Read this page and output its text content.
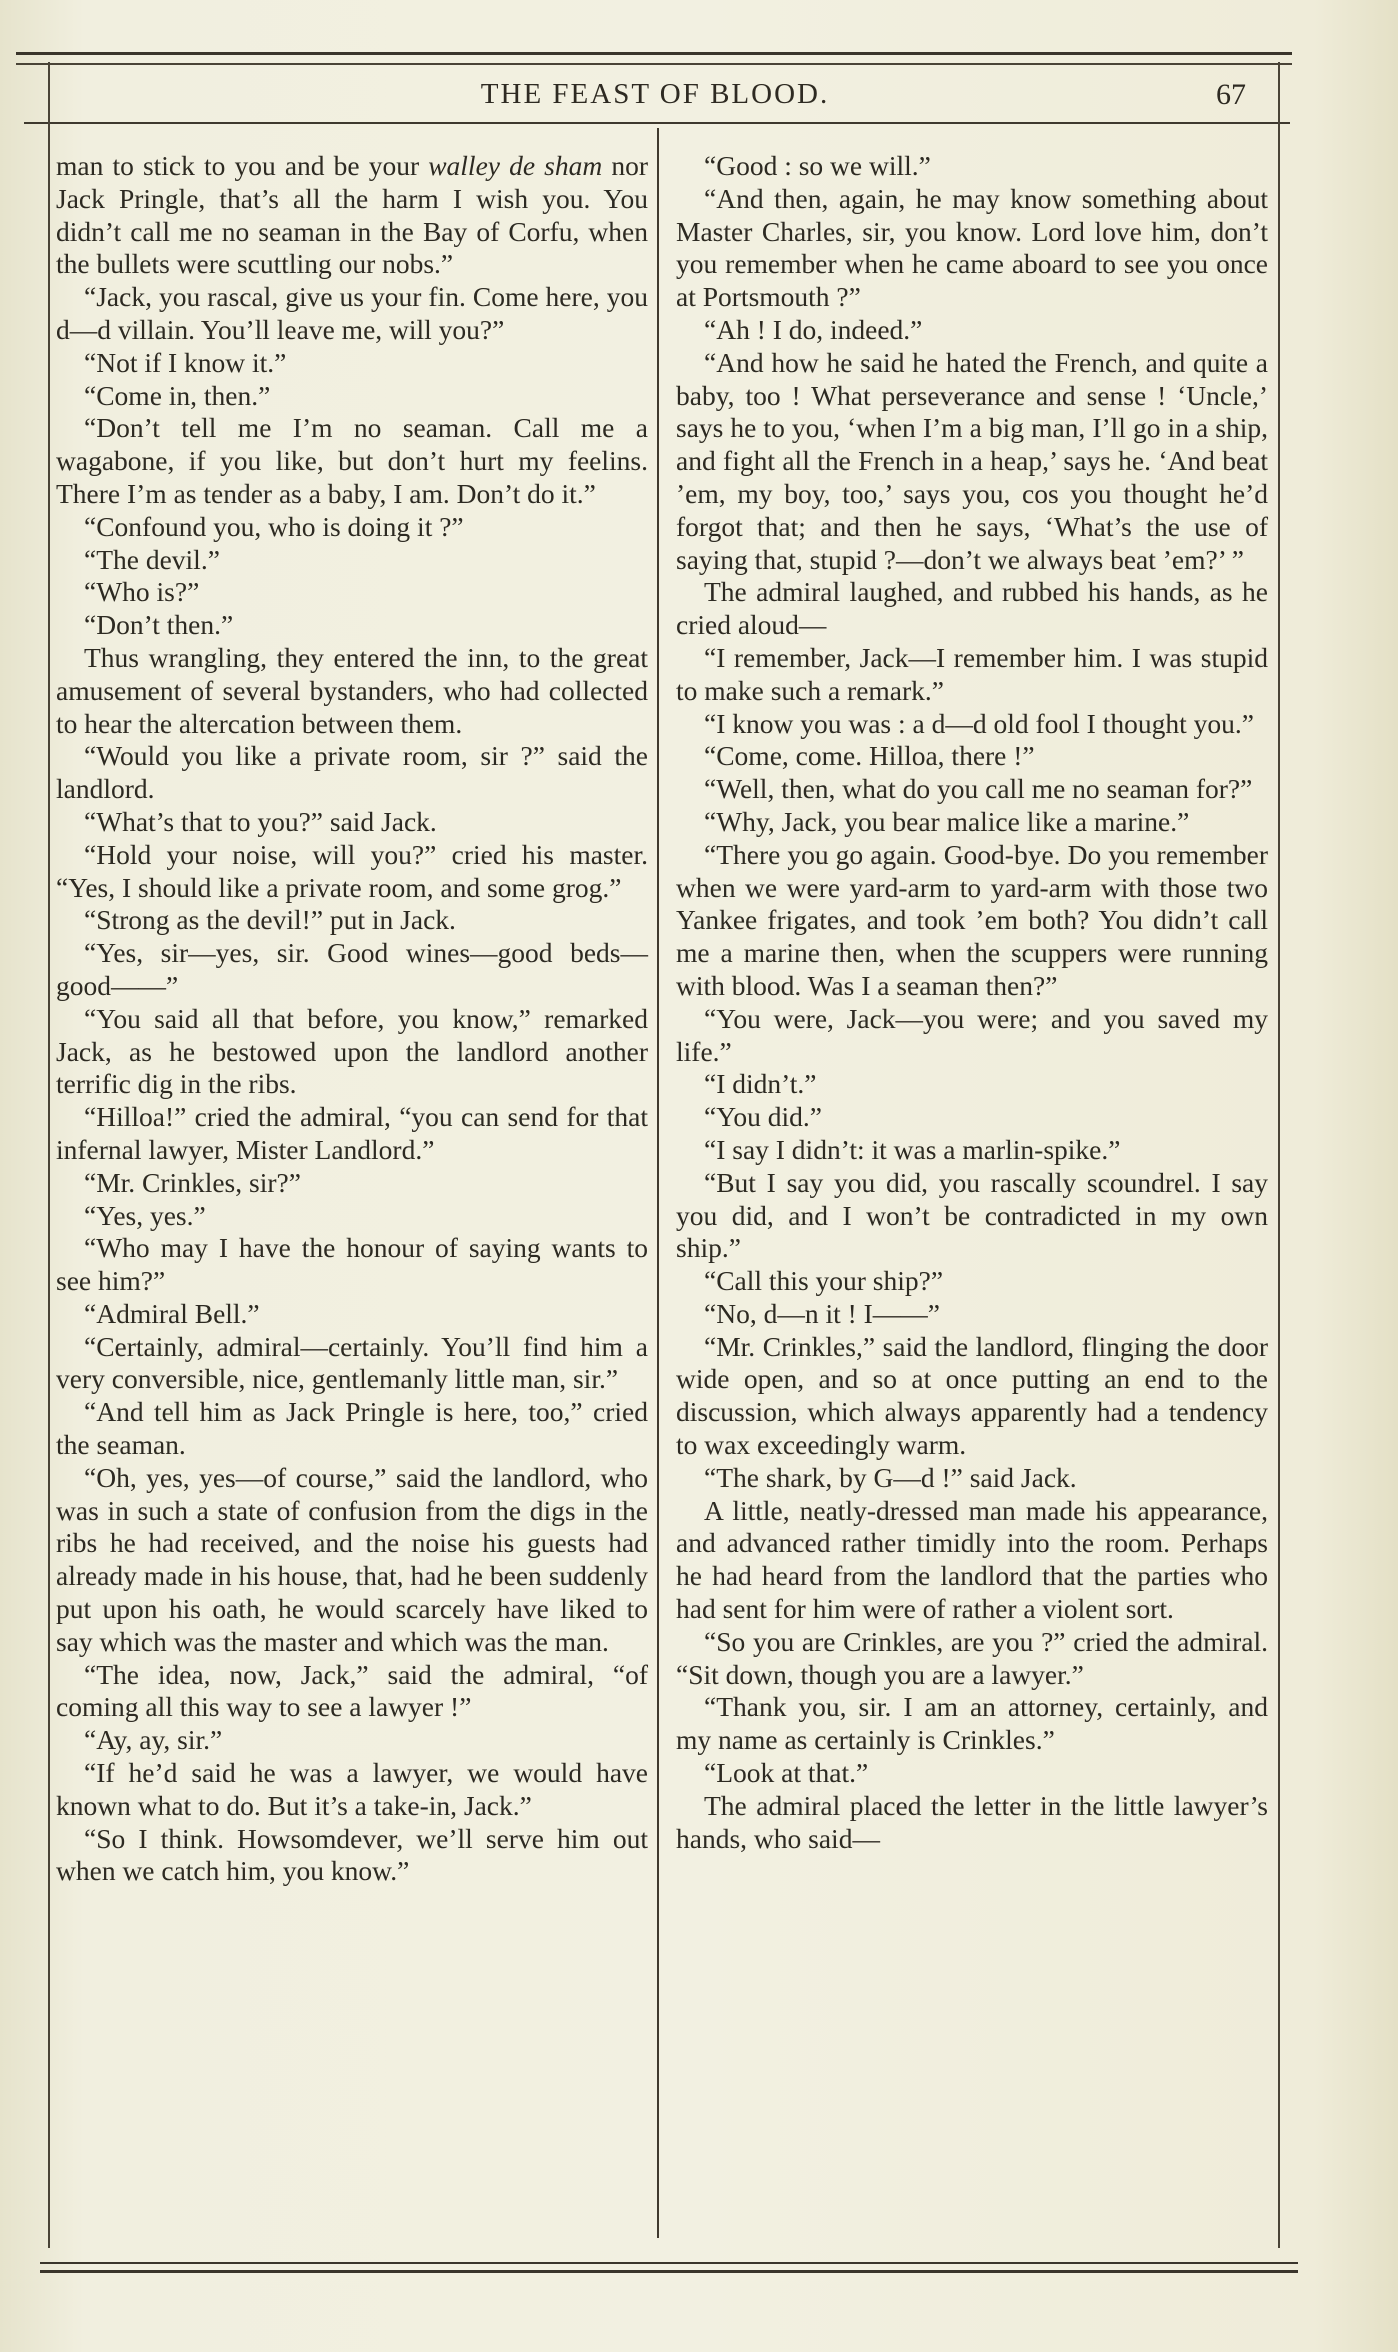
THE FEAST OF BLOOD.	67

man to stick to you and be your walley de sham nor Jack Pringle, that’s all the harm I wish you. You didn’t call me no seaman in the Bay of Corfu, when the bullets were scuttling our nobs.”

“Jack, you rascal, give us your fin. Come here, you d—d villain. You’ll leave me, will you?”

“Not if I know it.”

“Come in, then.”

“Don’t tell me I’m no seaman. Call me a wagabone, if you like, but don’t hurt my feelins. There I’m as tender as a baby, I am. Don’t do it.”

“Confound you, who is doing it ?”

“The devil.”

“Who is?”

“Don’t then.”

Thus wrangling, they entered the inn, to the great amusement of several bystanders, who had collected to hear the altercation between them.

“Would you like a private room, sir ?” said the landlord.

“What’s that to you?” said Jack.

“Hold your noise, will you?” cried his master. “Yes, I should like a private room, and some grog.”

“Strong as the devil!” put in Jack.

“Yes, sir—yes, sir. Good wines—good beds—good——”

“You said all that before, you know,” remarked Jack, as he bestowed upon the landlord another terrific dig in the ribs.

“Hilloa!” cried the admiral, “you can send for that infernal lawyer, Mister Landlord.”

“Mr. Crinkles, sir?”

“Yes, yes.”

“Who may I have the honour of saying wants to see him?”

“Admiral Bell.”

“Certainly, admiral—certainly. You’ll find him a very conversible, nice, gentlemanly little man, sir.”

“And tell him as Jack Pringle is here, too,” cried the seaman.

“Oh, yes, yes—of course,” said the landlord, who was in such a state of confusion from the digs in the ribs he had received, and the noise his guests had already made in his house, that, had he been suddenly put upon his oath, he would scarcely have liked to say which was the master and which was the man.

“The idea, now, Jack,” said the admiral, “of coming all this way to see a lawyer !”

“Ay, ay, sir.”

“If he’d said he was a lawyer, we would have known what to do. But it’s a take-in, Jack.”

“So I think. Howsomdever, we’ll serve him out when we catch him, you know.”

“Good : so we will.”

“And then, again, he may know something about Master Charles, sir, you know. Lord love him, don’t you remember when he came aboard to see you once at Portsmouth ?”

“Ah ! I do, indeed.”

“And how he said he hated the French, and quite a baby, too ! What perseverance and sense ! ‘Uncle,’ says he to you, ‘when I’m a big man, I’ll go in a ship, and fight all the French in a heap,’ says he. ‘And beat ’em, my boy, too,’ says you, cos you thought he’d forgot that; and then he says, ‘What’s the use of saying that, stupid ?—don’t we always beat ’em?’ ”

The admiral laughed, and rubbed his hands, as he cried aloud—

“I remember, Jack—I remember him. I was stupid to make such a remark.”

“I know you was : a d—d old fool I thought you.”

“Come, come. Hilloa, there !”

“Well, then, what do you call me no seaman for?”

“Why, Jack, you bear malice like a marine.”

“There you go again. Good-bye. Do you remember when we were yard-arm to yard-arm with those two Yankee frigates, and took ’em both? You didn’t call me a marine then, when the scuppers were running with blood. Was I a seaman then?”

“You were, Jack—you were; and you saved my life.”

“I didn’t.”

“You did.”

“I say I didn’t: it was a marlin-spike.”

“But I say you did, you rascally scoundrel. I say you did, and I won’t be contradicted in my own ship.”

“Call this your ship?”

“No, d—n it ! I——”

“Mr. Crinkles,” said the landlord, flinging the door wide open, and so at once putting an end to the discussion, which always apparently had a tendency to wax exceedingly warm.

“The shark, by G—d !” said Jack.

A little, neatly-dressed man made his appearance, and advanced rather timidly into the room. Perhaps he had heard from the landlord that the parties who had sent for him were of rather a violent sort.

“So you are Crinkles, are you ?” cried the admiral. “Sit down, though you are a lawyer.”

“Thank you, sir. I am an attorney, certainly, and my name as certainly is Crinkles.”

“Look at that.”

The admiral placed the letter in the little lawyer’s hands, who said—
